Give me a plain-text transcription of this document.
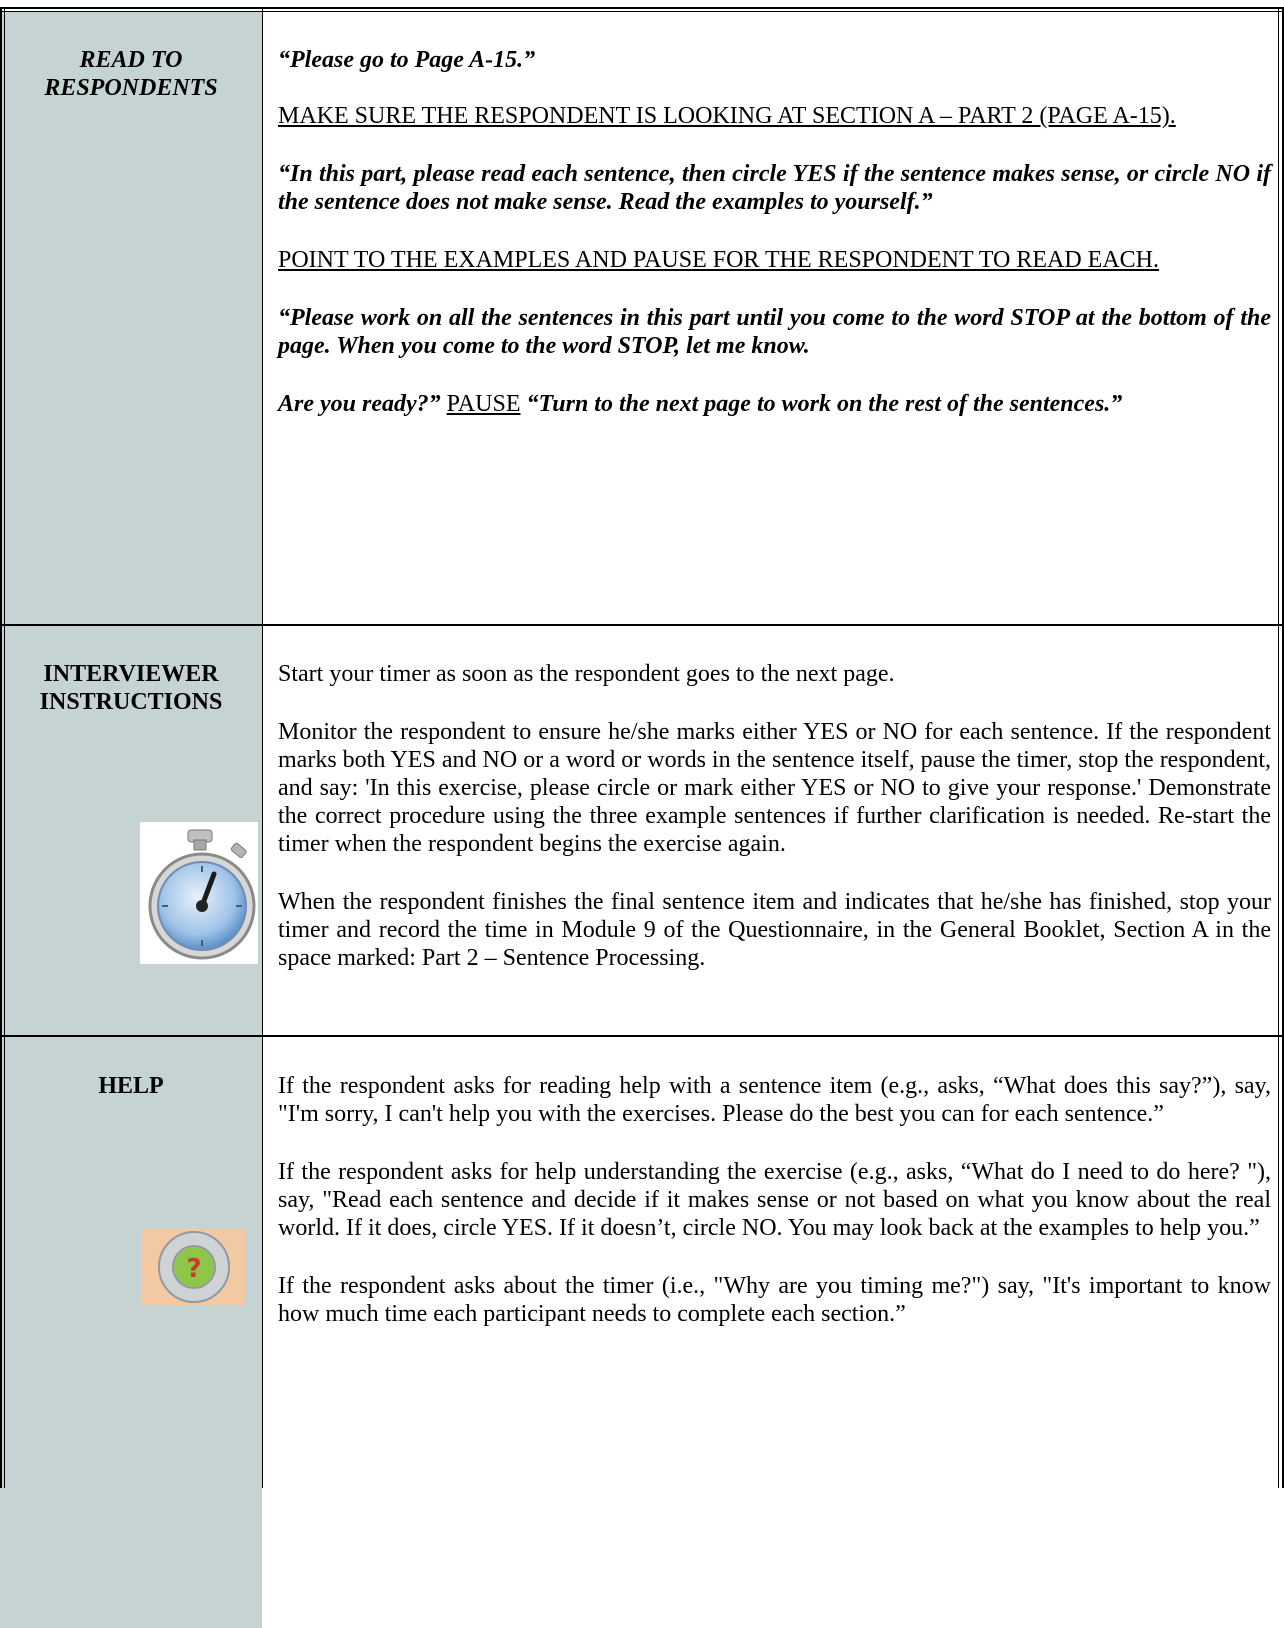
READ TO RESPONDENTS

“Please go to Page A-15.”

MAKE SURE THE RESPONDENT IS LOOKING AT SECTION A – PART 2 (PAGE A-15).

“In this part, please read each sentence, then circle YES if the sentence makes sense, or circle NO if the sentence does not make sense. Read the examples to yourself.”

POINT TO THE EXAMPLES AND PAUSE FOR THE RESPONDENT TO READ EACH.

“Please work on all the sentences in this part until you come to the word STOP at the bottom of the page. When you come to the word STOP, let me know.

Are you ready?” PAUSE “Turn to the next page to work on the rest of the sentences.”

INTERVIEWER INSTRUCTIONS

Start your timer as soon as the respondent goes to the next page.

Monitor the respondent to ensure he/she marks either YES or NO for each sentence. If the respondent marks both YES and NO or a word or words in the sentence itself, pause the timer, stop the respondent, and say: 'In this exercise, please circle or mark either YES or NO to give your response.' Demonstrate the correct procedure using the three example sentences if further clarification is needed. Re-start the timer when the respondent begins the exercise again.

When the respondent finishes the final sentence item and indicates that he/she has finished, stop your timer and record the time in Module 9 of the Questionnaire, in the General Booklet, Section A in the space marked: Part 2 – Sentence Processing.

HELP
?

If the respondent asks for reading help with a sentence item (e.g., asks, “What does this say?”), say, "I'm sorry, I can't help you with the exercises. Please do the best you can for each sentence.”

If the respondent asks for help understanding the exercise (e.g., asks, “What do I need to do here? "), say, "Read each sentence and decide if it makes sense or not based on what you know about the real world. If it does, circle YES. If it doesn’t, circle NO. You may look back at the examples to help you.”

If the respondent asks about the timer (i.e., "Why are you timing me?") say, "It's important to know how much time each participant needs to complete each section.”
